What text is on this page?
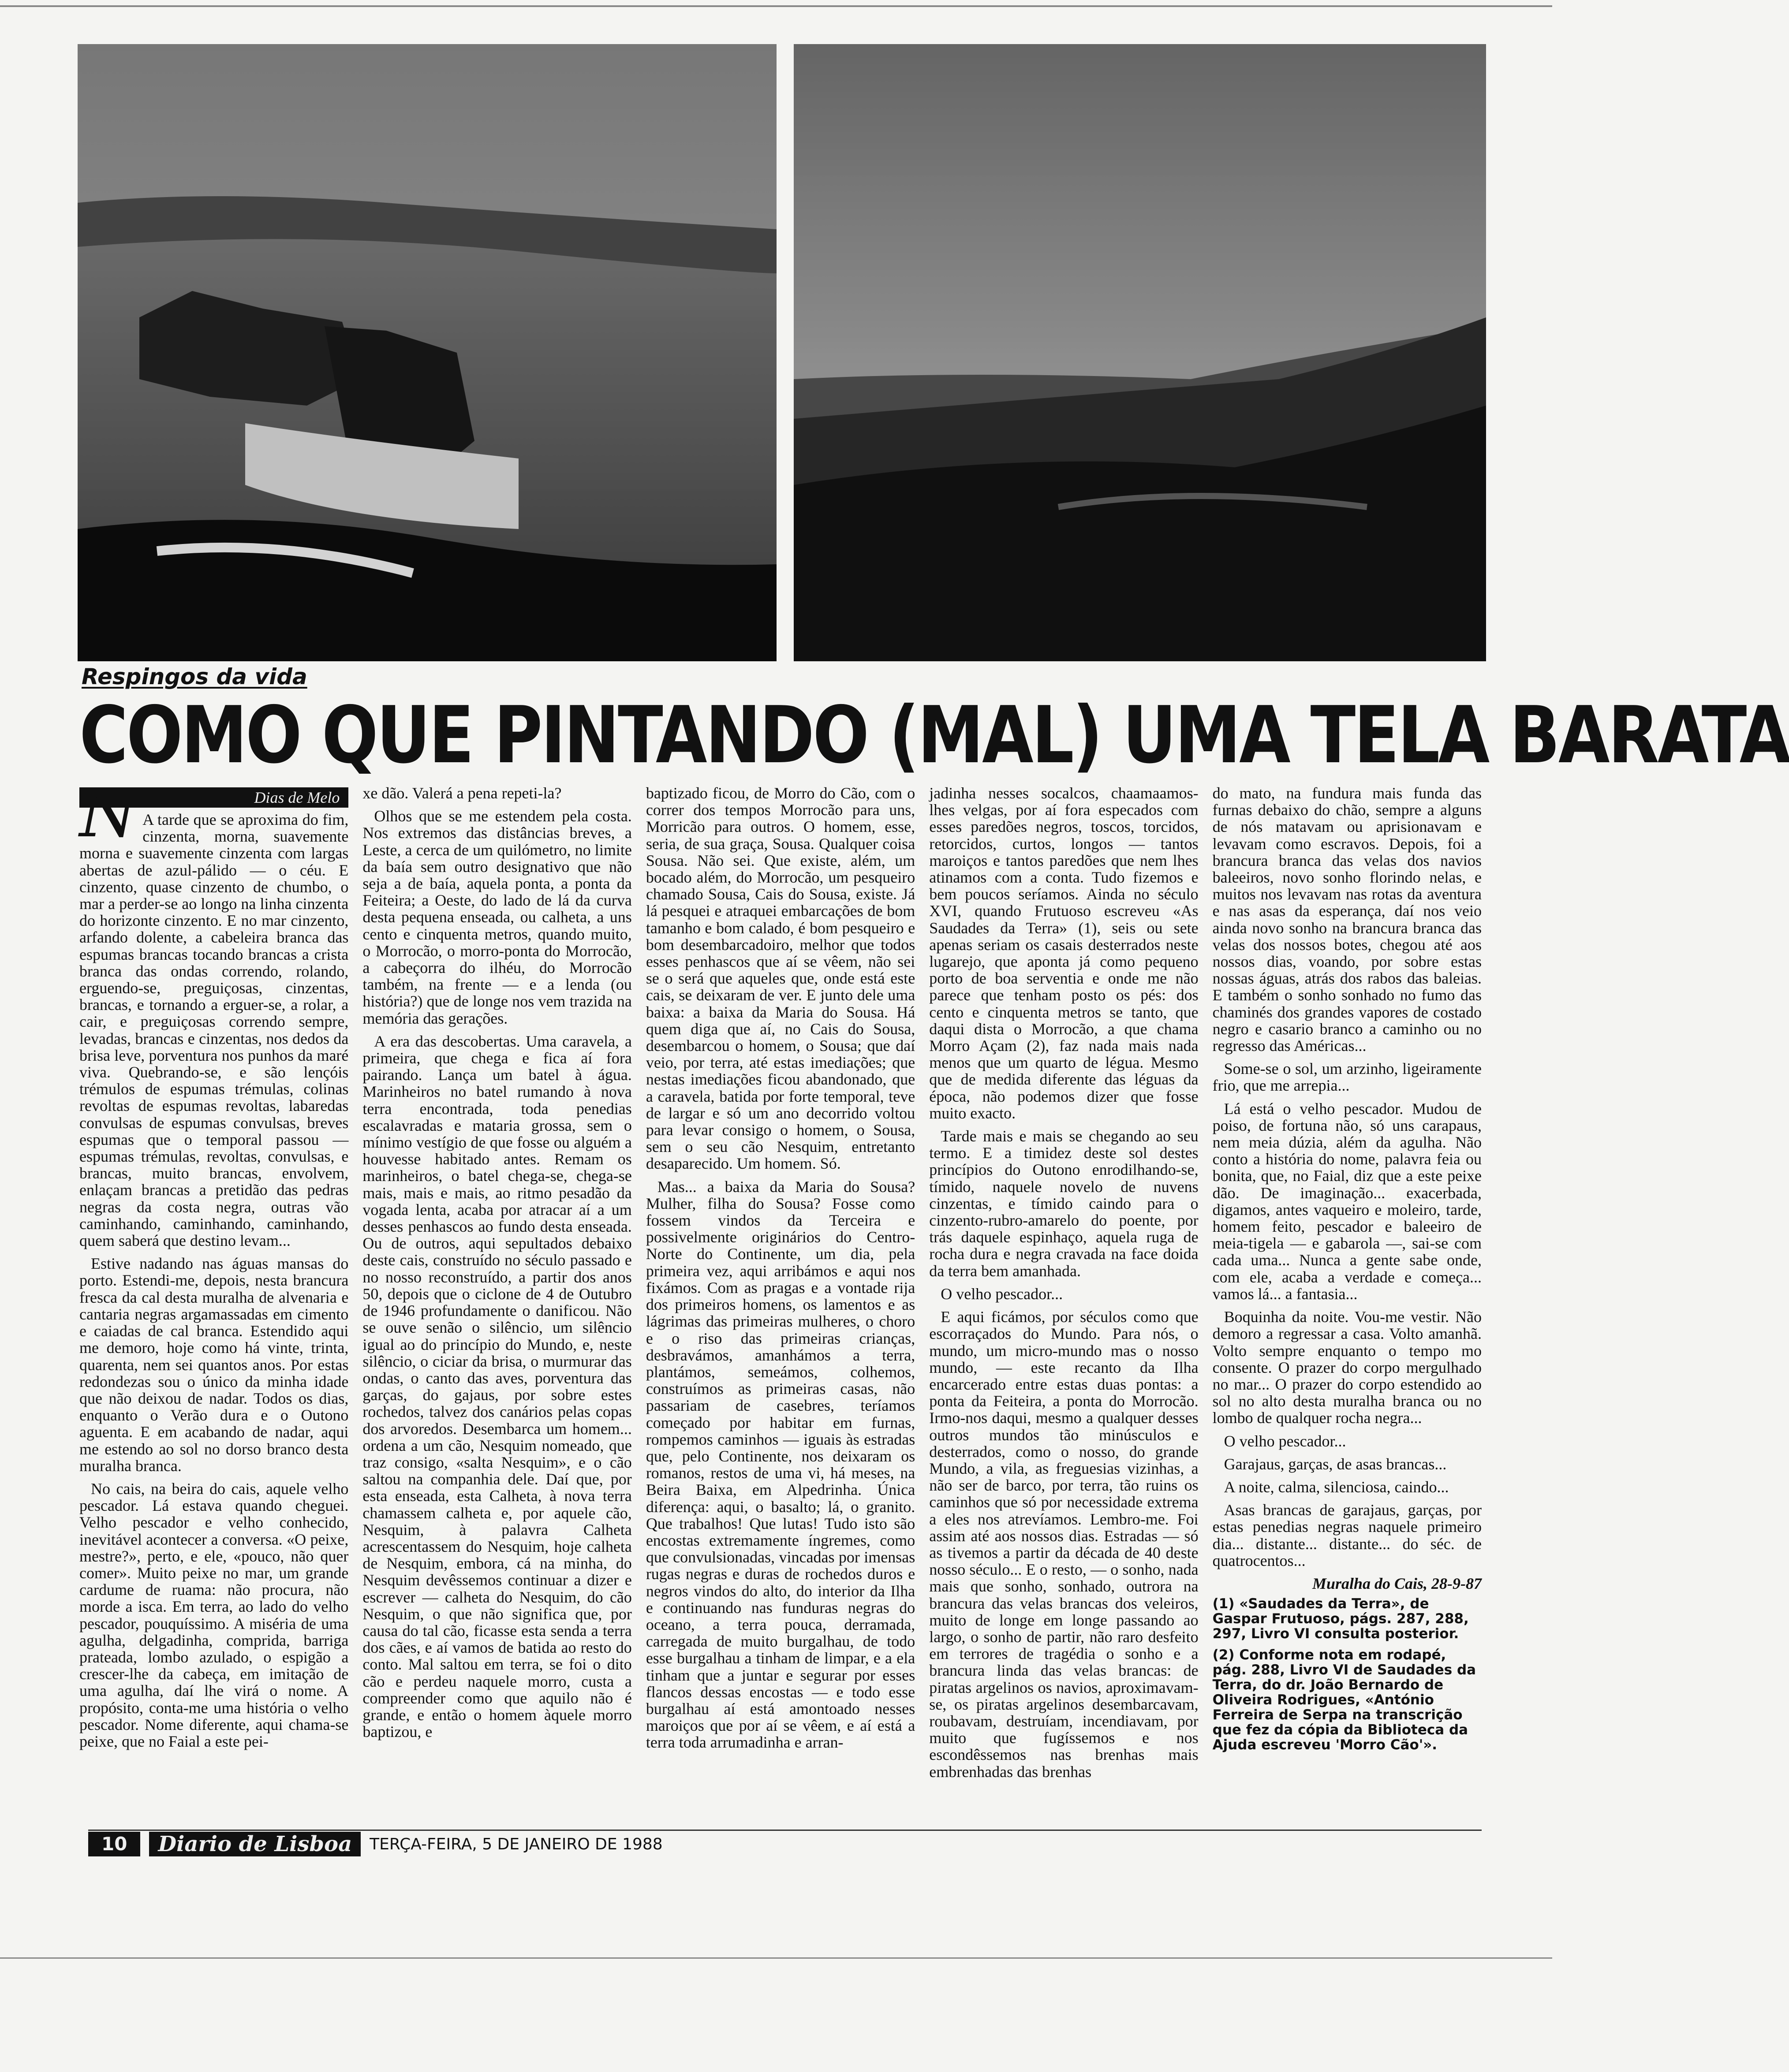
Respingos da vida
COMO QUE PINTANDO (MAL) UMA TELA BARATA
N	Dias de Melo

A tarde que se aproxima do fim, cinzenta, morna, suavemente morna e suavemente cinzenta com largas abertas de azul-pálido — o céu. E cinzento, quase cinzento de chumbo, o mar a perder-se ao longo na linha cinzenta do horizonte cinzento. E no mar cinzento, arfando dolente, a cabeleira branca das espumas brancas tocando brancas a crista branca das ondas correndo, rolando, erguendo-se, preguiçosas, cinzentas, brancas, e tornando a erguer-se, a rolar, a cair, e preguiçosas correndo sempre, levadas, brancas e cinzentas, nos dedos da brisa leve, porventura nos punhos da maré viva. Quebrando-se, e são lençóis trémulos de espumas trémulas, colinas revoltas de espumas revoltas, labaredas convulsas de espumas convulsas, breves espumas que o temporal passou — espumas trémulas, revoltas, convulsas, e brancas, muito brancas, envolvem, enlaçam brancas a pretidão das pedras negras da costa negra, outras vão caminhando, caminhando, caminhando, quem saberá que destino levam...

Estive nadando nas águas mansas do porto. Estendi-me, depois, nesta brancura fresca da cal desta muralha de alvenaria e cantaria negras argamassadas em cimento e caiadas de cal branca. Estendido aqui me demoro, hoje como há vinte, trinta, quarenta, nem sei quantos anos. Por estas redondezas sou o único da minha idade que não deixou de nadar. Todos os dias, enquanto o Verão dura e o Outono aguenta. E em acabando de nadar, aqui me estendo ao sol no dorso branco desta muralha branca.

No cais, na beira do cais, aquele velho pescador. Lá estava quando cheguei. Velho pescador e velho conhecido, inevitável acontecer a conversa. «O peixe, mestre?», perto, e ele, «pouco, não quer comer». Muito peixe no mar, um grande cardume de ruama: não procura, não morde a isca. Em terra, ao lado do velho pescador, pouquíssimo. A miséria de uma agulha, delgadinha, comprida, barriga prateada, lombo azulado, o espigão a crescer-lhe da cabeça, em imitação de uma agulha, daí lhe virá o nome. A propósito, conta-me uma história o velho pescador. Nome diferente, aqui chama-se peixe, que no Faial a este pei-

xe dão. Valerá a pena repeti-la?

Olhos que se me estendem pela costa. Nos extremos das distâncias breves, a Leste, a cerca de um quilómetro, no limite da baía sem outro designativo que não seja a de baía, aquela ponta, a ponta da Feiteira; a Oeste, do lado de lá da curva desta pequena enseada, ou calheta, a uns cento e cinquenta metros, quando muito, o Morrocão, o morro-ponta do Morrocão, a cabeçorra do ilhéu, do Morrocão também, na frente — e a lenda (ou história?) que de longe nos vem trazida na memória das gerações.

A era das descobertas. Uma caravela, a primeira, que chega e fica aí fora pairando. Lança um batel à água. Marinheiros no batel rumando à nova terra encontrada, toda penedias escalavradas e mataria grossa, sem o mínimo vestígio de que fosse ou alguém a houvesse habitado antes. Remam os marinheiros, o batel chega-se, chega-se mais, mais e mais, ao ritmo pesadão da vogada lenta, acaba por atracar aí a um desses penhascos ao fundo desta enseada. Ou de outros, aqui sepultados debaixo deste cais, construído no século passado e no nosso reconstruído, a partir dos anos 50, depois que o ciclone de 4 de Outubro de 1946 profundamente o danificou. Não se ouve senão o silêncio, um silêncio igual ao do princípio do Mundo, e, neste silêncio, o ciciar da brisa, o murmurar das ondas, o canto das aves, porventura das garças, do gajaus, por sobre estes rochedos, talvez dos canários pelas copas dos arvoredos. Desembarca um homem... ordena a um cão, Nesquim nomeado, que traz consigo, «salta Nesquim», e o cão saltou na companhia dele. Daí que, por esta enseada, esta Calheta, à nova terra chamassem calheta e, por aquele cão, Nesquim, à palavra Calheta acrescentassem do Nesquim, hoje calheta de Nesquim, embora, cá na minha, do Nesquim devêssemos continuar a dizer e escrever — calheta do Nesquim, do cão Nesquim, o que não significa que, por causa do tal cão, ficasse esta senda a terra dos cães, e aí vamos de batida ao resto do conto. Mal saltou em terra, se foi o dito cão e perdeu naquele morro, custa a compreender como que aquilo não é grande, e então o homem àquele morro baptizou, e

baptizado ficou, de Morro do Cão, com o correr dos tempos Morrocão para uns, Morricão para outros. O homem, esse, seria, de sua graça, Sousa. Qualquer coisa Sousa. Não sei. Que existe, além, um bocado além, do Morrocão, um pesqueiro chamado Sousa, Cais do Sousa, existe. Já lá pesquei e atraquei embarcações de bom tamanho e bom calado, é bom pesqueiro e bom desembarcadoiro, melhor que todos esses penhascos que aí se vêem, não sei se o será que aqueles que, onde está este cais, se deixaram de ver. E junto dele uma baixa: a baixa da Maria do Sousa. Há quem diga que aí, no Cais do Sousa, desembarcou o homem, o Sousa; que daí veio, por terra, até estas imediações; que nestas imediações ficou abandonado, que a caravela, batida por forte temporal, teve de largar e só um ano decorrido voltou para levar consigo o homem, o Sousa, sem o seu cão Nesquim, entretanto desaparecido. Um homem. Só.

Mas... a baixa da Maria do Sousa? Mulher, filha do Sousa? Fosse como fossem vindos da Terceira e possivelmente originários do Centro-Norte do Continente, um dia, pela primeira vez, aqui arribámos e aqui nos fixámos. Com as pragas e a vontade rija dos primeiros homens, os lamentos e as lágrimas das primeiras mulheres, o choro e o riso das primeiras crianças, desbravámos, amanhámos a terra, plantámos, semeámos, colhemos, construímos as primeiras casas, não passariam de casebres, teríamos começado por habitar em furnas, rompemos caminhos — iguais às estradas que, pelo Continente, nos deixaram os romanos, restos de uma vi, há meses, na Beira Baixa, em Alpedrinha. Única diferença: aqui, o basalto; lá, o granito. Que trabalhos! Que lutas! Tudo isto são encostas extremamente íngremes, como que convulsionadas, vincadas por imensas rugas negras e duras de rochedos duros e negros vindos do alto, do interior da Ilha e continuando nas funduras negras do oceano, a terra pouca, derramada, carregada de muito burgalhau, de todo esse burgalhau a tinham de limpar, e a ela tinham que a juntar e segurar por esses flancos dessas encostas — e todo esse burgalhau aí está amontoado nesses maroiços que por aí se vêem, e aí está a terra toda arrumadinha e arran-

jadinha nesses socalcos, chaamaamos-lhes velgas, por aí fora especados com esses paredões negros, toscos, torcidos, retorcidos, curtos, longos — tantos maroiços e tantos paredões que nem lhes atinamos com a conta. Tudo fizemos e bem poucos seríamos. Ainda no século XVI, quando Frutuoso escreveu «As Saudades da Terra» (1), seis ou sete apenas seriam os casais desterrados neste lugarejo, que aponta já como pequeno porto de boa serventia e onde me não parece que tenham posto os pés: dos cento e cinquenta metros se tanto, que daqui dista o Morrocão, a que chama Morro Açam (2), faz nada mais nada menos que um quarto de légua. Mesmo que de medida diferente das léguas da época, não podemos dizer que fosse muito exacto.

Tarde mais e mais se chegando ao seu termo. E a timidez deste sol destes princípios do Outono enrodilhando-se, tímido, naquele novelo de nuvens cinzentas, e tímido caindo para o cinzento-rubro-amarelo do poente, por trás daquele espinhaço, aquela ruga de rocha dura e negra cravada na face doida da terra bem amanhada.

O velho pescador...

E aqui ficámos, por séculos como que escorraçados do Mundo. Para nós, o mundo, um micro-mundo mas o nosso mundo, — este recanto da Ilha encarcerado entre estas duas pontas: a ponta da Feiteira, a ponta do Morrocão. Irmo-nos daqui, mesmo a qualquer desses outros mundos tão minúsculos e desterrados, como o nosso, do grande Mundo, a vila, as freguesias vizinhas, a não ser de barco, por terra, tão ruins os caminhos que só por necessidade extrema a eles nos atrevíamos. Lembro-me. Foi assim até aos nossos dias. Estradas — só as tivemos a partir da década de 40 deste nosso século... E o resto, — o sonho, nada mais que sonho, sonhado, outrora na brancura das velas brancas dos veleiros, muito de longe em longe passando ao largo, o sonho de partir, não raro desfeito em terrores de tragédia o sonho e a brancura linda das velas brancas: de piratas argelinos os navios, aproximavam-se, os piratas argelinos desembarcavam, roubavam, destruíam, incendiavam, por muito que fugíssemos e nos escondêssemos nas brenhas mais embrenhadas das brenhas

do mato, na fundura mais funda das furnas debaixo do chão, sempre a alguns de nós matavam ou aprisionavam e levavam como escravos. Depois, foi a brancura branca das velas dos navios baleeiros, novo sonho florindo nelas, e muitos nos levavam nas rotas da aventura e nas asas da esperança, daí nos veio ainda novo sonho na brancura branca das velas dos nossos botes, chegou até aos nossos dias, voando, por sobre estas nossas águas, atrás dos rabos das baleias. E também o sonho sonhado no fumo das chaminés dos grandes vapores de costado negro e casario branco a caminho ou no regresso das Américas...

Some-se o sol, um arzinho, ligeiramente frio, que me arrepia...

Lá está o velho pescador. Mudou de poiso, de fortuna não, só uns carapaus, nem meia dúzia, além da agulha. Não conto a história do nome, palavra feia ou bonita, que, no Faial, diz que a este peixe dão. De imaginação... exacerbada, digamos, antes vaqueiro e moleiro, tarde, homem feito, pescador e baleeiro de meia-tigela — e gabarola —, sai-se com cada uma... Nunca a gente sabe onde, com ele, acaba a verdade e começa... vamos lá... a fantasia...

Boquinha da noite. Vou-me vestir. Não demoro a regressar a casa. Volto amanhã. Volto sempre enquanto o tempo mo consente. O prazer do corpo mergulhado no mar... O prazer do corpo estendido ao sol no alto desta muralha branca ou no lombo de qualquer rocha negra...

O velho pescador...

Garajaus, garças, de asas brancas...

A noite, calma, silenciosa, caindo...

Asas brancas de garajaus, garças, por estas penedias negras naquele primeiro dia... distante... distante... do séc. de quatrocentos...

Muralha do Cais, 28-9-87

(1) «Saudades da Terra», de Gaspar Frutuoso, págs. 287, 288, 297, Livro VI consulta posterior.

(2) Conforme nota em rodapé, pág. 288, Livro VI de Saudades da Terra, do dr. João Bernardo de Oliveira Rodrigues, «António Ferreira de Serpa na transcrição que fez da cópia da Biblioteca da Ajuda escreveu 'Morro Cão'».

10	Diario de Lisboa	TERÇA-FEIRA, 5 DE JANEIRO DE 1988
